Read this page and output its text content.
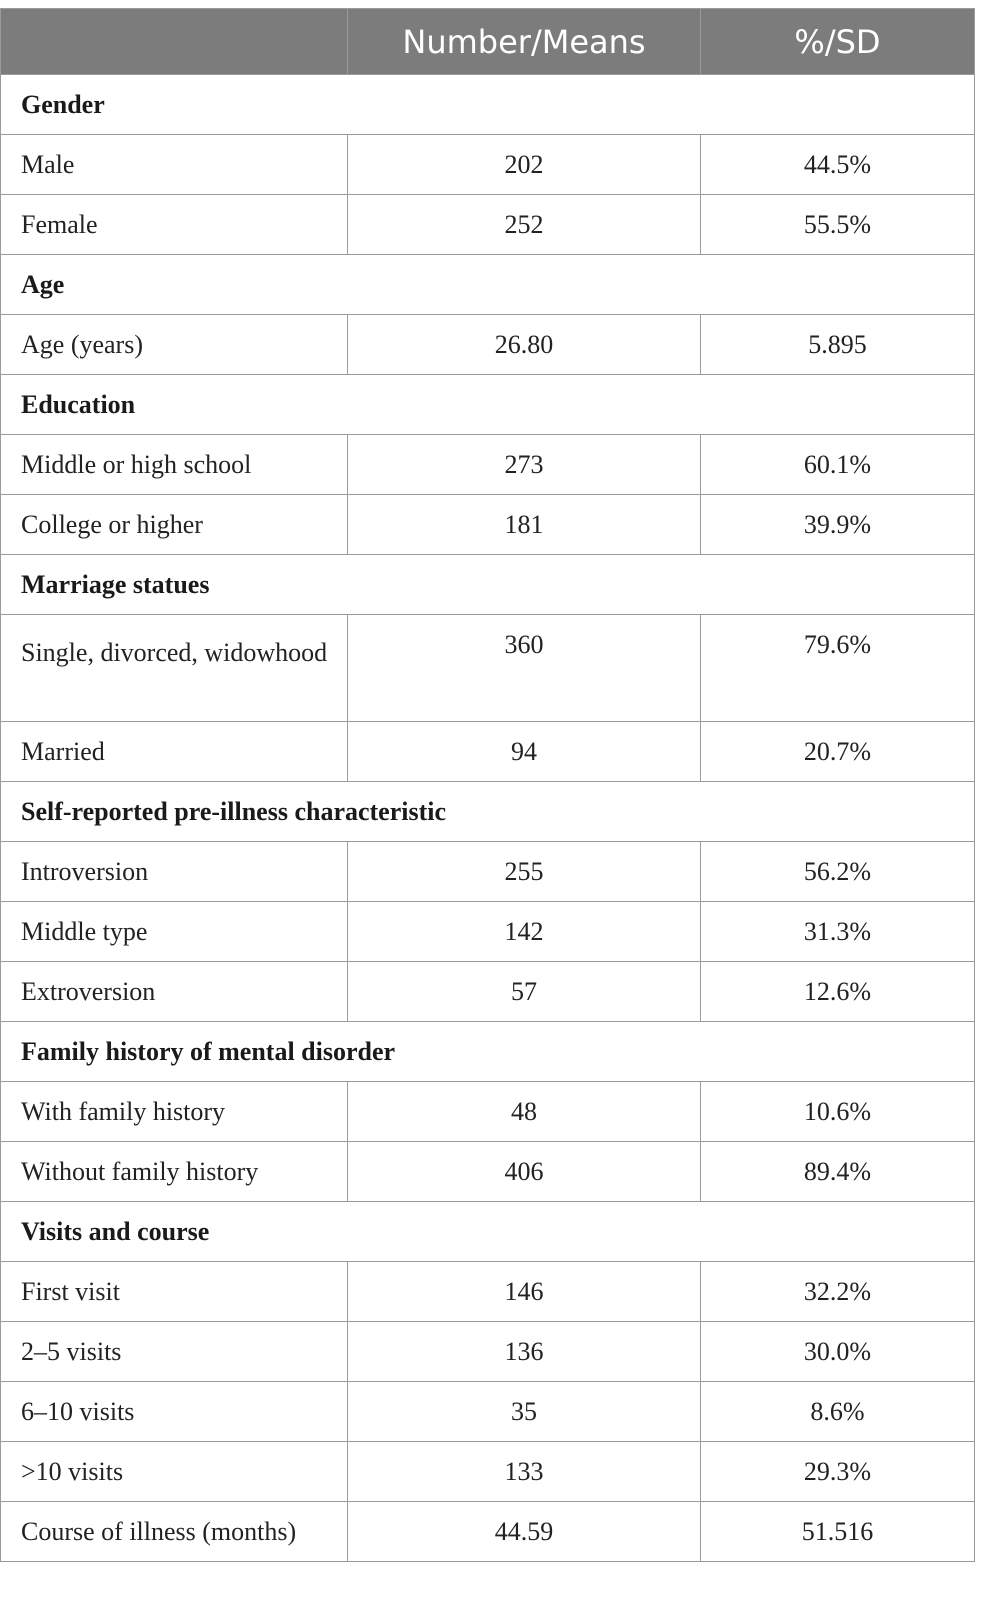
	Number/Means	%/SD
Gender		
Male	202	44.5%
Female	252	55.5%
Age		
Age (years)	26.80	5.895
Education		
Middle or high school	273	60.1%
College or higher	181	39.9%
Marriage statues		
Single, divorced, widowhood	360	79.6%
Married	94	20.7%
Self-reported pre-illness characteristic		
Introversion	255	56.2%
Middle type	142	31.3%
Extroversion	57	12.6%
Family history of mental disorder		
With family history	48	10.6%
Without family history	406	89.4%
Visits and course		
First visit	146	32.2%
2–5 visits	136	30.0%
6–10 visits	35	8.6%
>10 visits	133	29.3%
Course of illness (months)	44.59	51.516
